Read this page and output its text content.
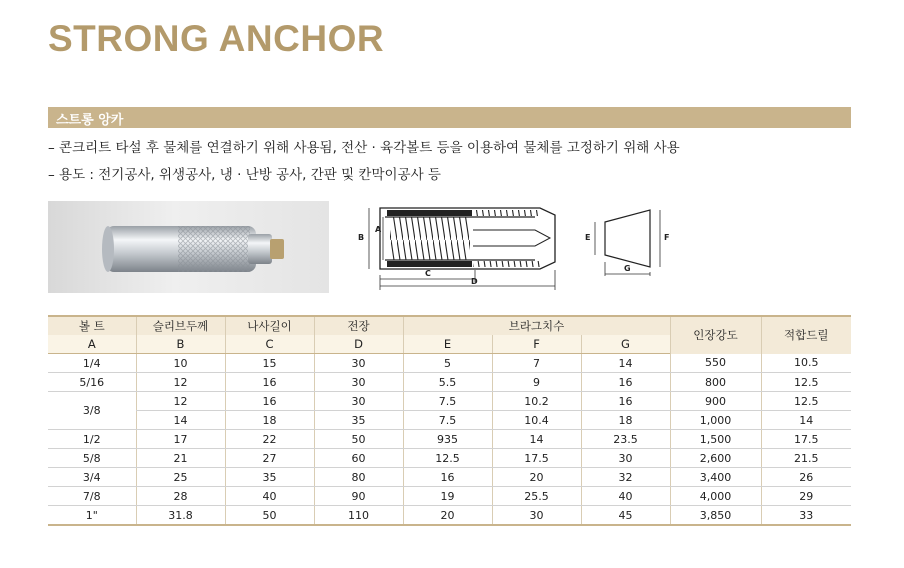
STRONG ANCHOR
스트롱 앙카
– 콘크리트 타설 후 물체를 연결하기 위해 사용됨, 전산 · 육각볼트 등을 이용하여 물체를 고정하기 위해 사용
– 용도 : 전기공사, 위생공사, 냉 · 난방 공사, 간판 및 칸막이공사 등
B
A
C
D
E	F
G
볼 트	슬리브두께	나사길이	전장	브라그치수			인장강도	적합드릴
A	B	C	D	E	F	G		
1/4	10	15	30	5	7	14	550	10.5
5/16	12	16	30	5.5	9	16	800	12.5
3/8	12	16	30	7.5	10.2	16	900	12.5
	14	18	35	7.5	10.4	18	1,000	14
1/2	17	22	50	935	14	23.5	1,500	17.5
5/8	21	27	60	12.5	17.5	30	2,600	21.5
3/4	25	35	80	16	20	32	3,400	26
7/8	28	40	90	19	25.5	40	4,000	29
1"	31.8	50	110	20	30	45	3,850	33
